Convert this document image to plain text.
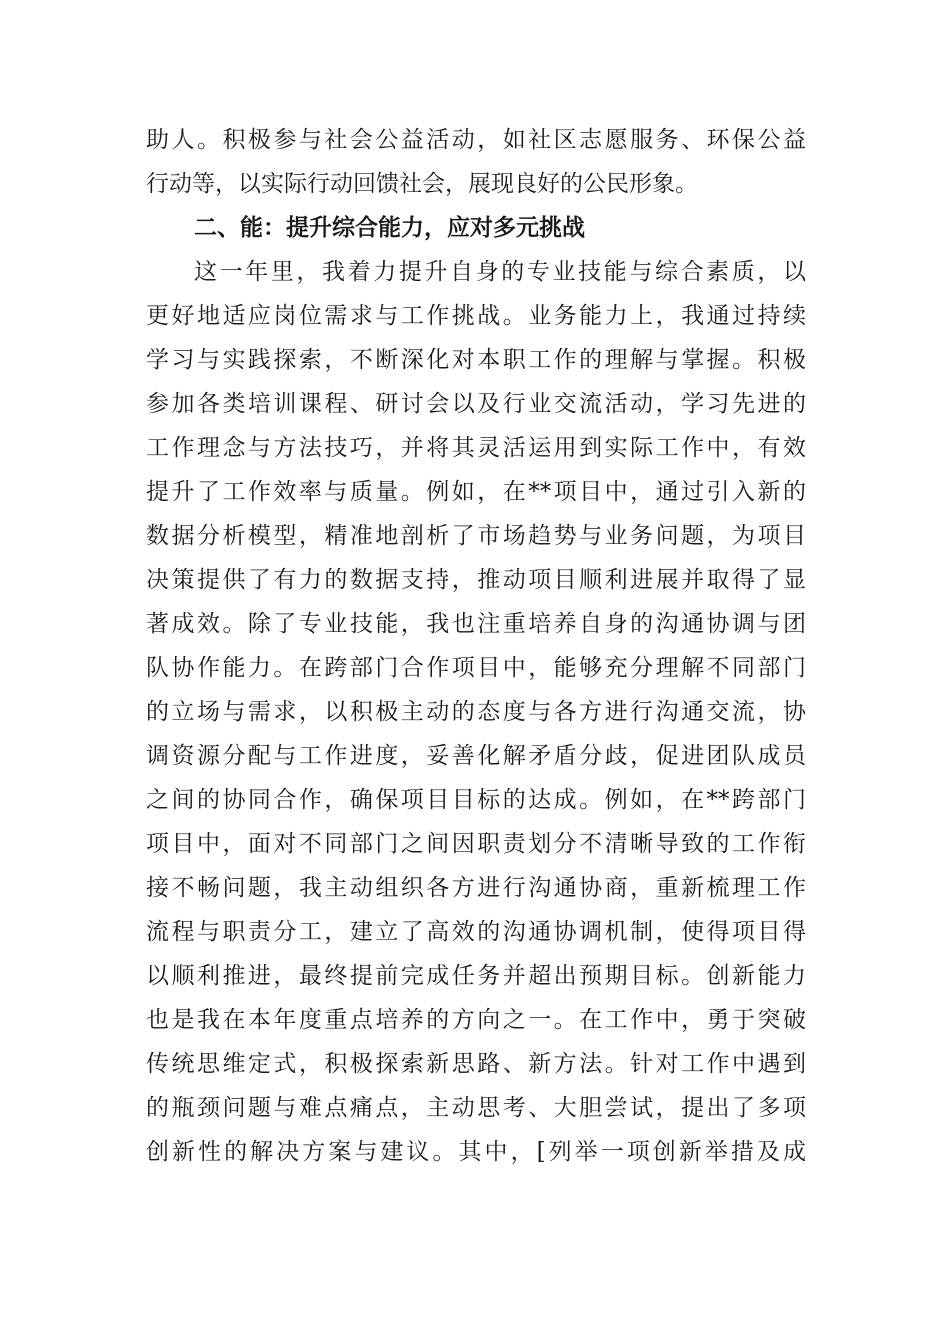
助人。积极参与社会公益活动，如社区志愿服务、环保公益
行动等，以实际行动回馈社会，展现良好的公民形象。
二、能：提升综合能力，应对多元挑战
这一年里，我着力提升自身的专业技能与综合素质，以
更好地适应岗位需求与工作挑战。业务能力上，我通过持续
学习与实践探索，不断深化对本职工作的理解与掌握。积极
参加各类培训课程、研讨会以及行业交流活动，学习先进的
工作理念与方法技巧，并将其灵活运用到实际工作中，有效
提升了工作效率与质量。例如，在**项目中，通过引入新的
数据分析模型，精准地剖析了市场趋势与业务问题，为项目
决策提供了有力的数据支持，推动项目顺利进展并取得了显
著成效。除了专业技能，我也注重培养自身的沟通协调与团
队协作能力。在跨部门合作项目中，能够充分理解不同部门
的立场与需求，以积极主动的态度与各方进行沟通交流，协
调资源分配与工作进度，妥善化解矛盾分歧，促进团队成员
之间的协同合作，确保项目目标的达成。例如，在**跨部门
项目中，面对不同部门之间因职责划分不清晰导致的工作衔
接不畅问题，我主动组织各方进行沟通协商，重新梳理工作
流程与职责分工，建立了高效的沟通协调机制，使得项目得
以顺利推进，最终提前完成任务并超出预期目标。创新能力
也是我在本年度重点培养的方向之一。在工作中，勇于突破
传统思维定式，积极探索新思路、新方法。针对工作中遇到
的瓶颈问题与难点痛点，主动思考、大胆尝试，提出了多项
创新性的解决方案与建议。其中，[列举一项创新举措及成
